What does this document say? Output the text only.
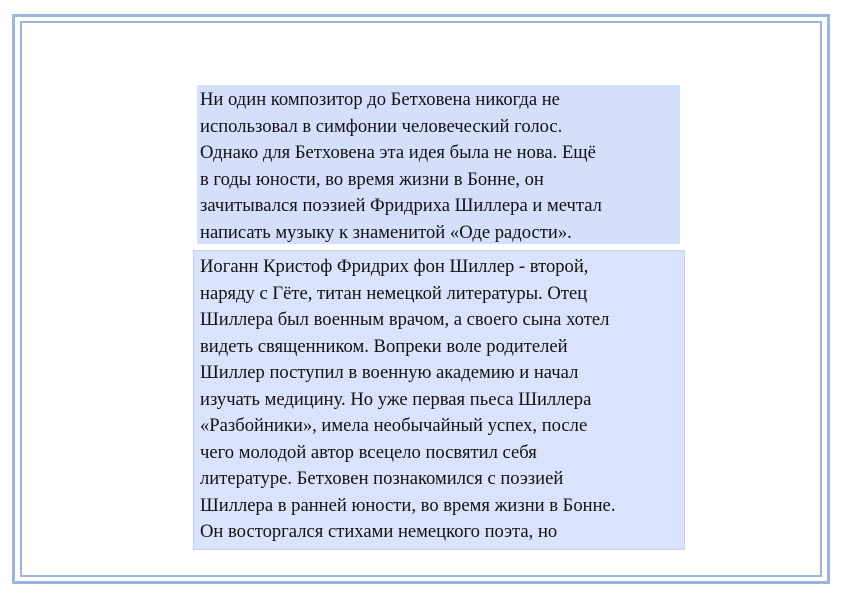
Ни один композитор до Бетховена никогда не
использовал в симфонии человеческий голос.
Однако для Бетховена эта идея была не нова. Ещё
в годы юности, во время жизни в Бонне, он
зачитывался поэзией Фридриха Шиллера и мечтал
написать музыку к знаменитой «Оде радости».

Иоганн Кристоф Фридрих фон Шиллер - второй,
наряду с Гёте, титан немецкой литературы. Отец
Шиллера был военным врачом, а своего сына хотел
видеть священником. Вопреки воле родителей
Шиллер поступил в военную академию и начал
изучать медицину. Но уже первая пьеса Шиллера
«Разбойники», имела необычайный успех, после
чего молодой автор всецело посвятил себя
литературе. Бетховен познакомился с поэзией
Шиллера в ранней юности, во время жизни в Бонне.
Он восторгался стихами немецкого поэта, но
